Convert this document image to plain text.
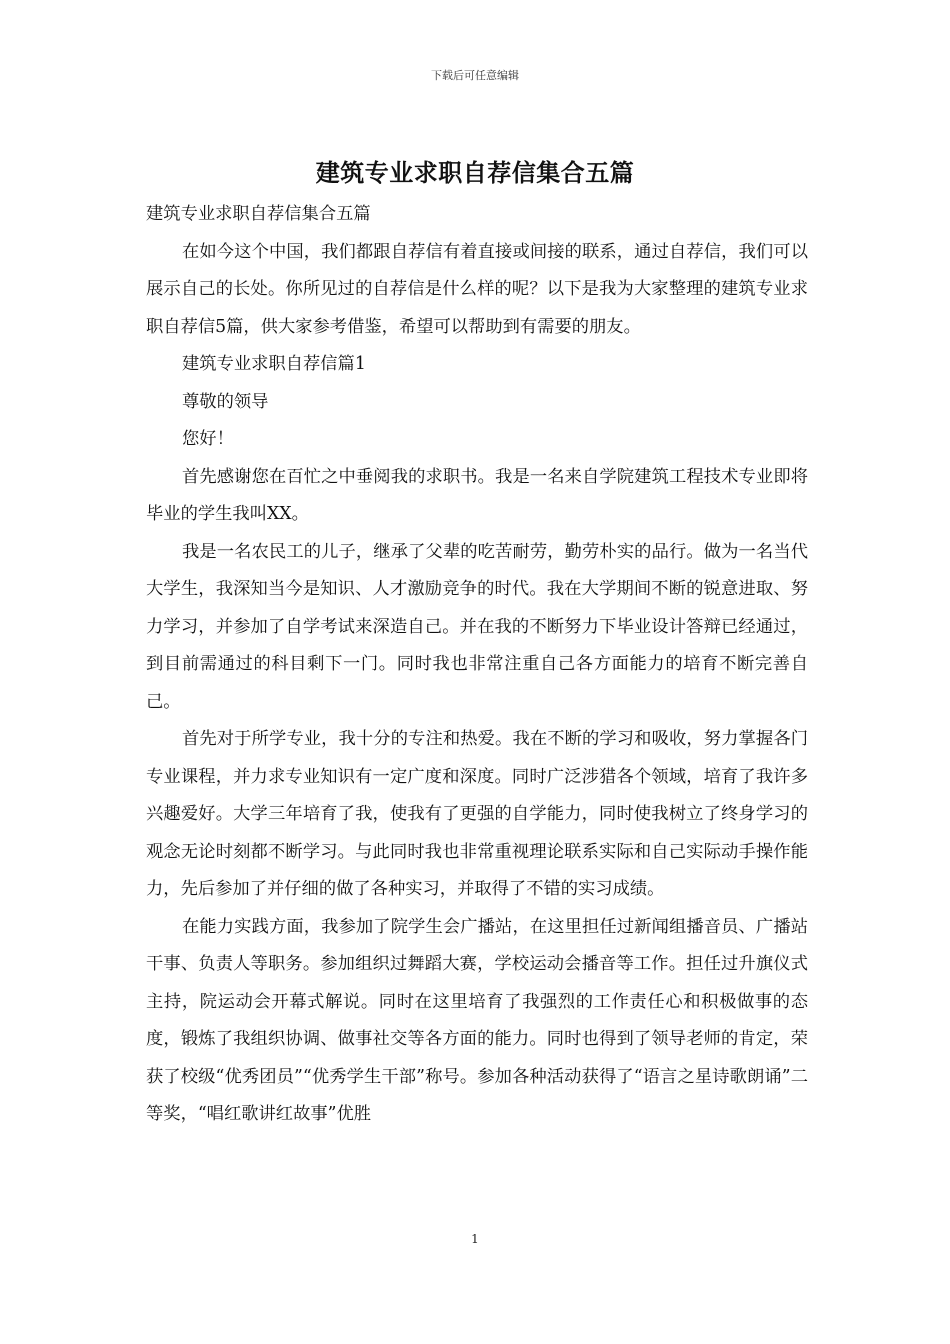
下载后可任意编辑
建筑专业求职自荐信集合五篇

建筑专业求职自荐信集合五篇

在如今这个中国，我们都跟自荐信有着直接或间接的联系，通过自荐信，我们可以展示自己的长处。你所见过的自荐信是什么样的呢？以下是我为大家整理的建筑专业求职自荐信5篇，供大家参考借鉴，希望可以帮助到有需要的朋友。

建筑专业求职自荐信篇1

尊敬的领导

您好！

首先感谢您在百忙之中垂阅我的求职书。我是一名来自学院建筑工程技术专业即将毕业的学生我叫XX。

我是一名农民工的儿子，继承了父辈的吃苦耐劳，勤劳朴实的品行。做为一名当代大学生，我深知当今是知识、人才激励竞争的时代。我在大学期间不断的锐意进取、努力学习，并参加了自学考试来深造自己。并在我的不断努力下毕业设计答辩已经通过，到目前需通过的科目剩下一门。同时我也非常注重自己各方面能力的培育不断完善自己。

首先对于所学专业，我十分的专注和热爱。我在不断的学习和吸收，努力掌握各门专业课程，并力求专业知识有一定广度和深度。同时广泛涉猎各个领域，培育了我许多兴趣爱好。大学三年培育了我，使我有了更强的自学能力，同时使我树立了终身学习的观念无论时刻都不断学习。与此同时我也非常重视理论联系实际和自己实际动手操作能力，先后参加了并仔细的做了各种实习，并取得了不错的实习成绩。

在能力实践方面，我参加了院学生会广播站，在这里担任过新闻组播音员、广播站干事、负责人等职务。参加组织过舞蹈大赛，学校运动会播音等工作。担任过升旗仪式主持，院运动会开幕式解说。同时在这里培育了我强烈的工作责任心和积极做事的态度，锻炼了我组织协调、做事社交等各方面的能力。同时也得到了领导老师的肯定，荣获了校级“优秀团员”“优秀学生干部”称号。参加各种活动获得了“语言之星诗歌朗诵”二等奖，“唱红歌讲红故事”优胜

1
